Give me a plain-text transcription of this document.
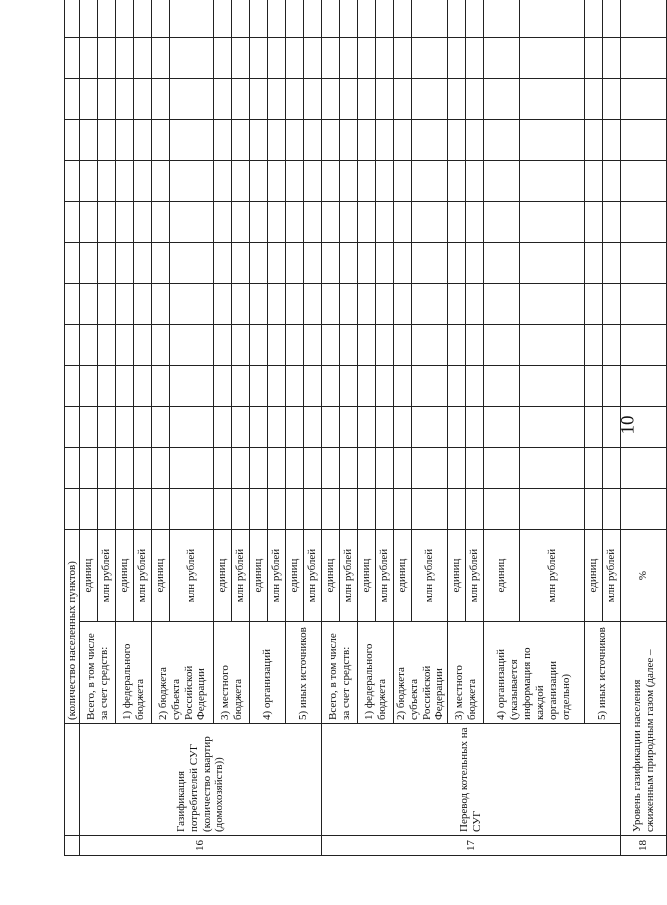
10
		(количество населенных пунктов)														
16	Газификация потребителей СУГ (количество квартир (домохозяйств))	Всего, в том числе за счет средств:	единиц													
			млн рублей													
		1) федерального бюджета	единиц													
			млн рублей													
		2) бюджета субъекта Российской Федерации	единиц													
			млн рублей													
		3) местного бюджета	единиц													
			млн рублей													
		4) организаций	единиц													
			млн рублей													
		5) иных источников	единиц													
			млн рублей													
17	Перевод котельных на СУГ	Всего, в том числе за счет средств:	единиц													
			млн рублей													
		1) федерального бюджета	единиц													
			млн рублей													
		2) бюджета субъекта Российской Федерации	единиц													
			млн рублей													
		3) местного бюджета	единиц													
			млн рублей													
		4) организаций (указывается информация по каждой организации отдельно)	единиц													
			млн рублей													
		5) иных источников	единиц													
			млн рублей													
18	Уровень газификации населения сжиженным природным газом (далее –		%													
